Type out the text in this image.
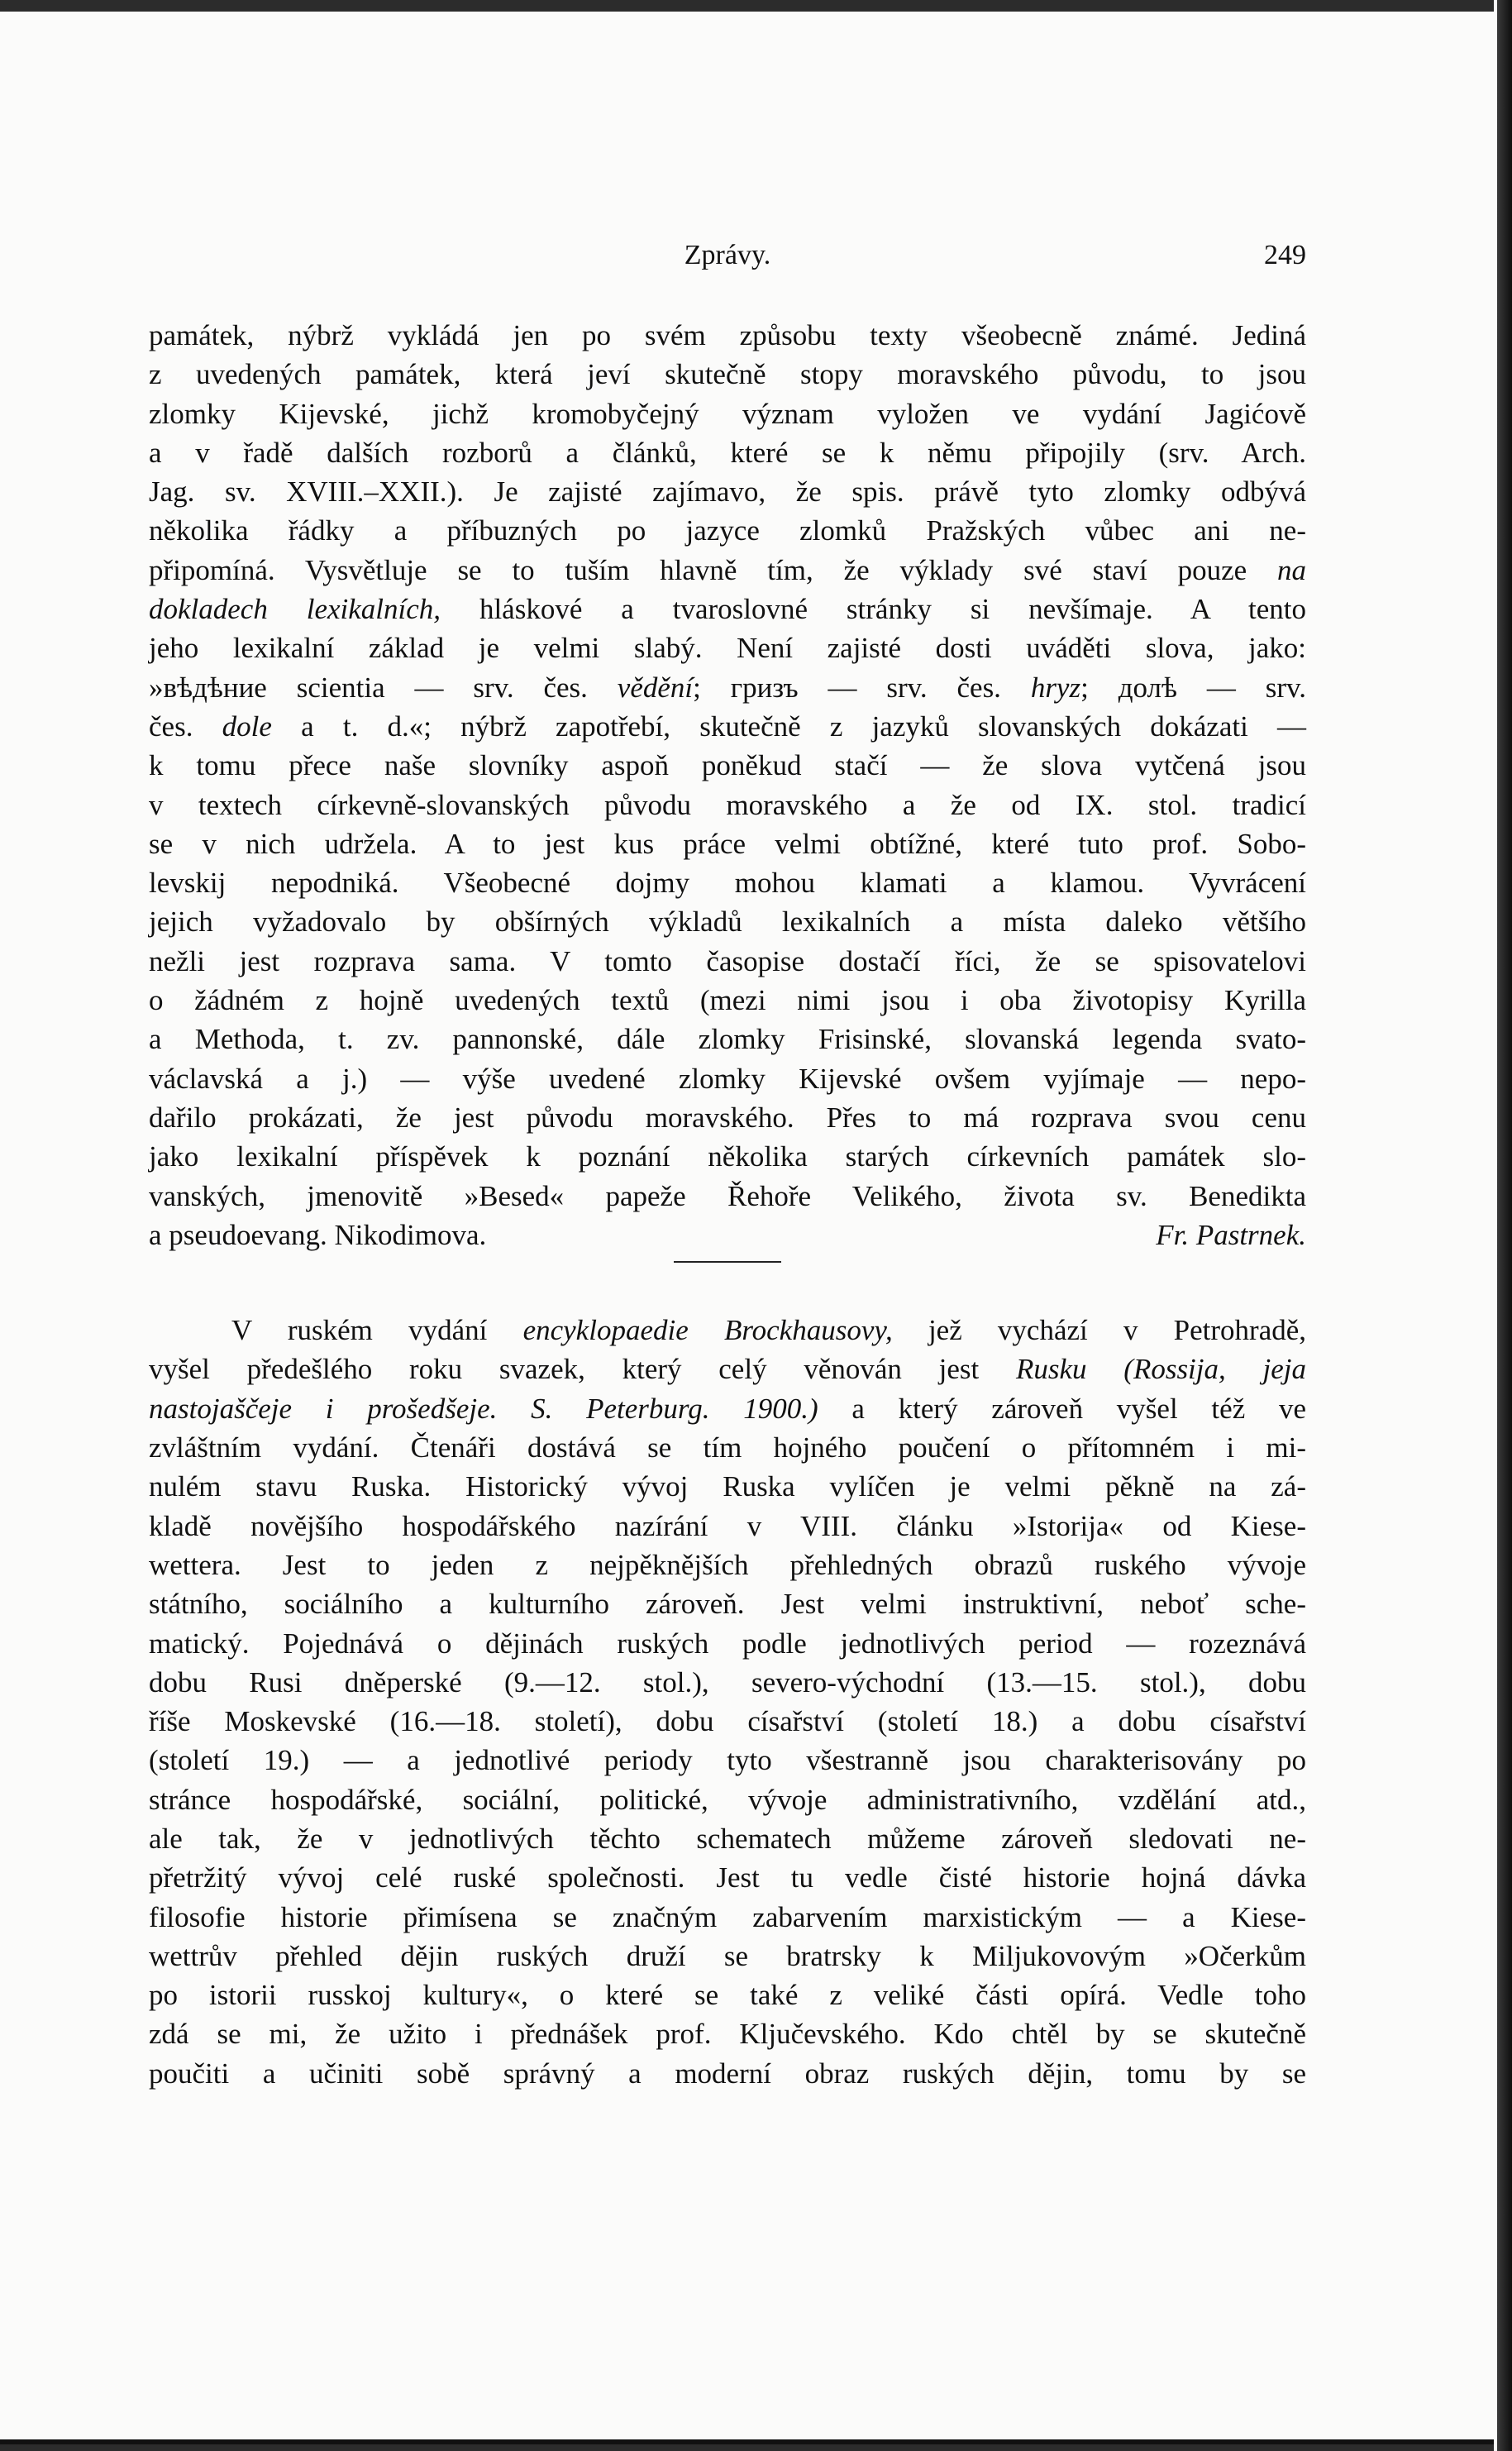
Zprávy.	249
památek, nýbrž vykládá jen po svém způsobu texty všeobecně známé. Jediná
z uvedených památek, která jeví skutečně stopy moravského původu, to jsou
zlomky Kijevské, jichž kromobyčejný význam vyložen ve vydání Jagićově
a v řadě dalších rozborů a článků, které se k němu připojily (srv. Arch.
Jag. sv. XVIII.–XXII.). Je zajisté zajímavo, že spis. právě tyto zlomky odbývá
několika řádky a příbuzných po jazyce zlomků Pražských vůbec ani ne-
připomíná. Vysvětluje se to tuším hlavně tím, že výklady své staví pouze na
dokladech lexikalních, hláskové a tvaroslovné stránky si nevšímaje. A tento
jeho lexikalní základ je velmi slabý. Není zajisté dosti uváděti slova, jako:
»вѣдѣние scientia — srv. čes. vědění; гризъ — srv. čes. hryz; долѣ — srv.
čes. dole a t. d.«; nýbrž zapotřebí, skutečně z jazyků slovanských dokázati —
k tomu přece naše slovníky aspoň poněkud stačí — že slova vytčená jsou
v textech církevně-slovanských původu moravského a že od IX. stol. tradicí
se v nich udržela. A to jest kus práce velmi obtížné, které tuto prof. Sobo-
levskij nepodniká. Všeobecné dojmy mohou klamati a klamou. Vyvrácení
jejich vyžadovalo by obšírných výkladů lexikalních a místa daleko většího
nežli jest rozprava sama. V tomto časopise dostačí říci, že se spisovatelovi
o žádném z hojně uvedených textů (mezi nimi jsou i oba životopisy Kyrilla
a Methoda, t. zv. pannonské, dále zlomky Frisinské, slovanská legenda svato-
václavská a j.) — výše uvedené zlomky Kijevské ovšem vyjímaje — nepo-
dařilo prokázati, že jest původu moravského. Přes to má rozprava svou cenu
jako lexikalní příspěvek k poznání několika starých církevních památek slo-
vanských, jmenovitě »Besed« papeže Řehoře Velikého, života sv. Benedikta
a pseudoevang. Nikodimova.	Fr. Pastrnek.
V ruském vydání encyklopaedie Brockhausovy, jež vychází v Petrohradě,
vyšel předešlého roku svazek, který celý věnován jest Rusku (Rossija, jeja
nastojaščeje i prošedšeje. S. Peterburg. 1900.) a který zároveň vyšel též ve
zvláštním vydání. Čtenáři dostává se tím hojného poučení o přítomném i mi-
nulém stavu Ruska. Historický vývoj Ruska vylíčen je velmi pěkně na zá-
kladě novějšího hospodářského nazírání v VIII. článku »Istorija« od Kiese-
wettera. Jest to jeden z nejpěknějších přehledných obrazů ruského vývoje
státního, sociálního a kulturního zároveň. Jest velmi instruktivní, neboť sche-
matický. Pojednává o dějinách ruských podle jednotlivých period — rozeznává
dobu Rusi dněperské (9.—12. stol.), severo-východní (13.—15. stol.), dobu
říše Moskevské (16.—18. století), dobu císařství (století 18.) a dobu císařství
(století 19.) — a jednotlivé periody tyto všestranně jsou charakterisovány po
stránce hospodářské, sociální, politické, vývoje administrativního, vzdělání atd.,
ale tak, že v jednotlivých těchto schematech můžeme zároveň sledovati ne-
přetržitý vývoj celé ruské společnosti. Jest tu vedle čisté historie hojná dávka
filosofie historie přimísena se značným zabarvením marxistickým — a Kiese-
wettrův přehled dějin ruských druží se bratrsky k Miljukovovým »Očerkům
po istorii russkoj kultury«, o které se také z veliké části opírá. Vedle toho
zdá se mi, že užito i přednášek prof. Ključevského. Kdo chtěl by se skutečně
poučiti a učiniti sobě správný a moderní obraz ruských dějin, tomu by se
